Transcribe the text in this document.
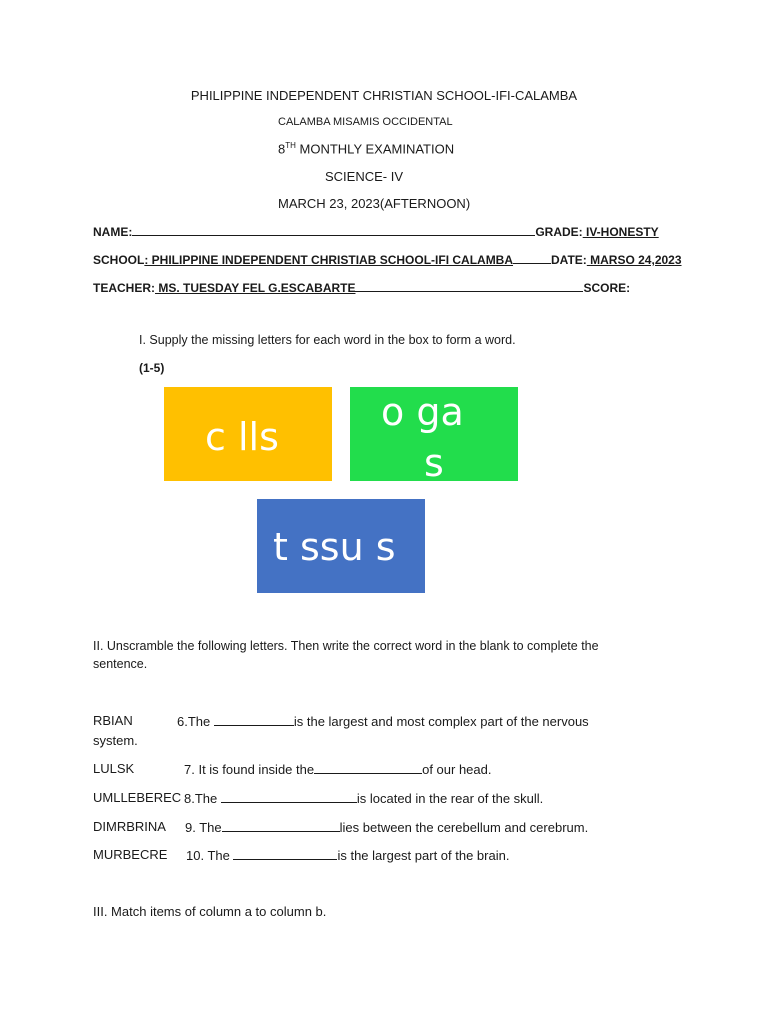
PHILIPPINE INDEPENDENT CHRISTIAN SCHOOL-IFI-CALAMBA
CALAMBA MISAMIS OCCIDENTAL
8TH MONTHLY EXAMINATION
SCIENCE- IV
MARCH 23, 2023(AFTERNOON)
NAME:	GRADE: IV-HONESTY
SCHOOL: PHILIPPINE INDEPENDENT CHRISTIAB SCHOOL-IFI CALAMBA	DATE: MARSO 24,2023
TEACHER: MS. TUESDAY FEL G.ESCABARTE	SCORE:
I. Supply the missing letters for each word in the box to form a word.
(1-5)
c lls
o ga
s
t ssu s
II. Unscramble the following letters. Then write the correct word in the blank to complete the
sentence.
RBIAN	6.The	is the largest and most complex part of the nervous
system.
LULSK	7. It is found inside the	of our head.
UMLLEBEREC 8.The	is located in the rear of the skull.
DIMRBRINA 9. The	lies between the cerebellum and cerebrum.
MURBECRE 10. The	is the largest part of the brain.
III. Match items of column a to column b.
